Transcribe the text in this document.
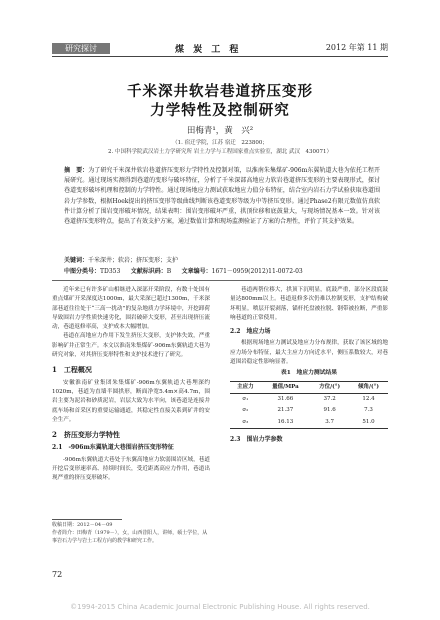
研究探讨	煤 炭 工 程	2012 年第 11 期
千米深井软岩巷道挤压变形
力学特性及控制研究
田梅青¹，黄　兴²
（1. 宿迁学院，江苏 宿迁　223800；
2. 中国科学院武汉岩土力学研究所 岩土力学与工程国家重点实验室，湖北 武汉　430071）
摘　要：为了研究千米深井软岩巷道挤压变形力学特性及控制对策，以淮南朱集煤矿-906m东翼轨道大巷为依托工程开展研究。通过现场实测得到巷道的变形与破坏特征，分析了千米深部高地应力软岩巷道挤压变形的主要表现形式，探讨巷道变形破坏机理和控制的力学特性。通过现场地应力测试获取地应力值分布特征，结合室内岩石力学试验获取巷道围岩力学参数，根据Hoek提出的挤压变形等级曲线判断该巷道变形等级为中等挤压变形。通过Phase2有限元数值仿真软件计算分析了围岩变形破坏情况，结果表明：围岩变形破坏严重，拱顶位移和底鼓量大，与现场情况基本一致。针对该巷道挤压变形特点，提出了有效支护方案，通过数值计算和现场监测验证了方案的合理性，评价了其支护效果。
关键词：千米深井；软岩；挤压变形；支护
中图分类号：TD353 文献标识码：B 文章编号：1671－0959(2012)11-0072-03

近年来已有许多矿山相继进入深部开采阶段，有数十处国有重点煤矿开采深度达1000m，最大采深已超过1300m，千米深部巷道往往处于“三高一扰动”的复杂地质力学环境中，开挖卸荷导致围岩力学性质快速劣化，围岩破碎大变形，甚至出现挤压流动，巷道返修率高，支护成本大幅增加。

巷道在高地应力作用下发生挤压大变形，支护体失效，严重影响矿井正常生产。本文以淮南朱集煤矿-906m东翼轨道大巷为研究对象，对其挤压变形特性和支护技术进行了研究。

1　工程概况

安徽淮南矿业集团朱集煤矿-906m东翼轨道大巷埋深约1020m，巷道为直墙半圆拱形，断面净宽5.4m×高4.7m，围岩主要为泥岩和砂质泥岩，岩层大致为水平向，该巷道是连接井底车场和首采区的重要运输通道，其稳定性直接关系到矿井的安全生产。

2　挤压变形力学特性
2.1　-906m东翼轨道大巷围岩挤压变形特征

-906m东翼轨道大巷处于东翼高地应力软弱围岩区域，巷道开挖后变形速率高、持续时间长，受近距离高应力作用，巷道出现严重的挤压变形破坏。

巷道两帮位移大，拱顶下沉明显，底鼓严重，部分区段底鼓量达800mm以上。巷道返修多次仍难以控制变形，支护结构破坏明显。喷层开裂剥落，锚杆托盘被拉脱、钢带被拉断，严重影响巷道的正常使用。

2.2　地应力场

根据现场地应力测试及地应力分布规律，获取了该区域的地应力场分布特征，最大主应力方向近水平，侧压系数较大，对巷道围岩稳定性影响显著。

表1　地应力测试结果
主应力	量值/MPa	方位/(°)	倾角/(°)
σ₁	31.66	37.2	12.4
σ₂	21.37	91.6	7.3
σ₃	16.13	3.7	51.0
2.3　围岩力学参数
收稿日期：2012－04－09
作者简介：田梅青（1979－），女，山西昔阳人，讲师，硕士学位，从事岩石力学与岩土工程方向的教学和研究工作。
72
©1994-2015 China Academic Journal Electronic Publishing House. All rights reserved.
